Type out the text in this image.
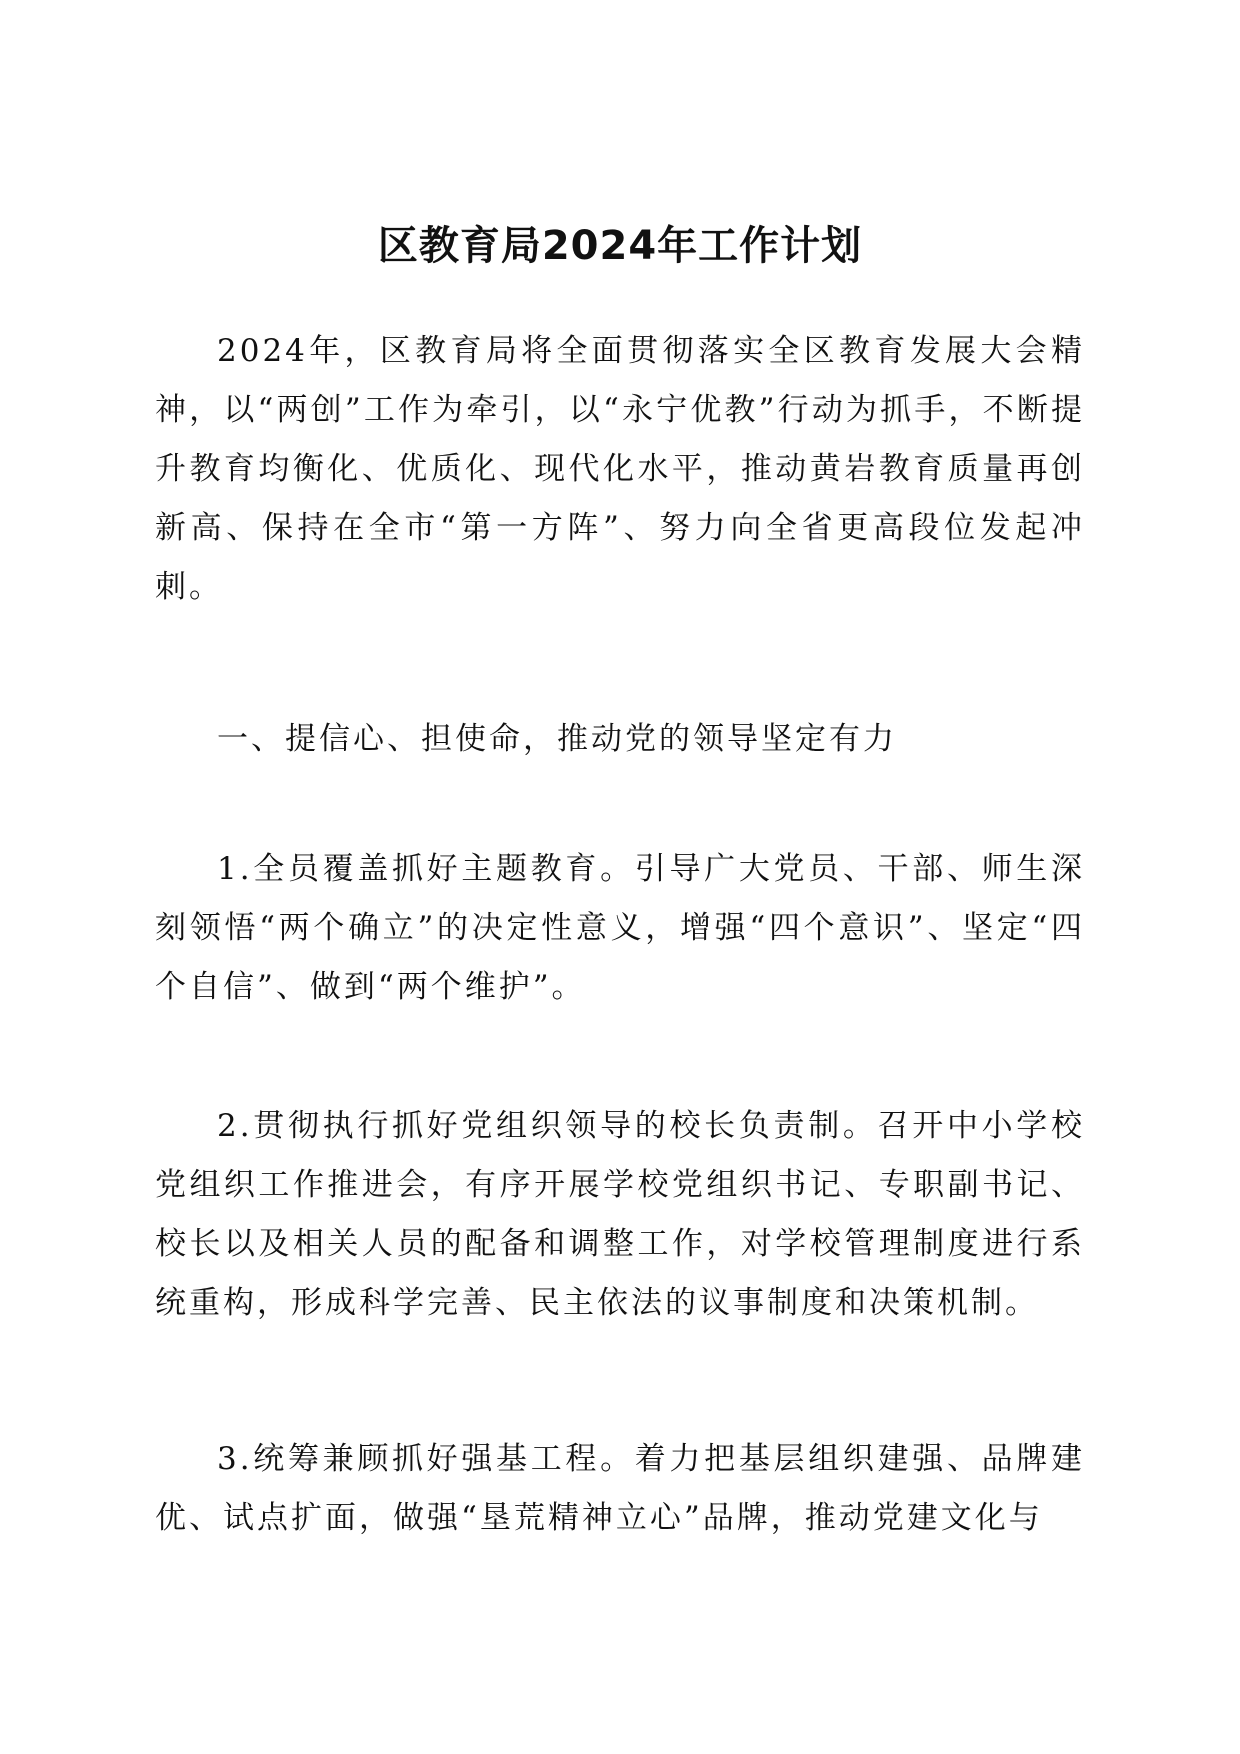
区教育局2024年工作计划

2024年，区教育局将全面贯彻落实全区教育发展大会精神，以“两创”工作为牵引，以“永宁优教”行动为抓手，不断提升教育均衡化、优质化、现代化水平，推动黄岩教育质量再创新高、保持在全市“第一方阵”、努力向全省更高段位发起冲刺。

一、提信心、担使命，推动党的领导坚定有力

1.全员覆盖抓好主题教育。引导广大党员、干部、师生深刻领悟“两个确立”的决定性意义，增强“四个意识”、坚定“四个自信”、做到“两个维护”。

2.贯彻执行抓好党组织领导的校长负责制。召开中小学校党组织工作推进会，有序开展学校党组织书记、专职副书记、校长以及相关人员的配备和调整工作，对学校管理制度进行系统重构，形成科学完善、民主依法的议事制度和决策机制。

3.统筹兼顾抓好强基工程。着力把基层组织建强、品牌建优、试点扩面，做强“垦荒精神立心”品牌，推动党建文化与
